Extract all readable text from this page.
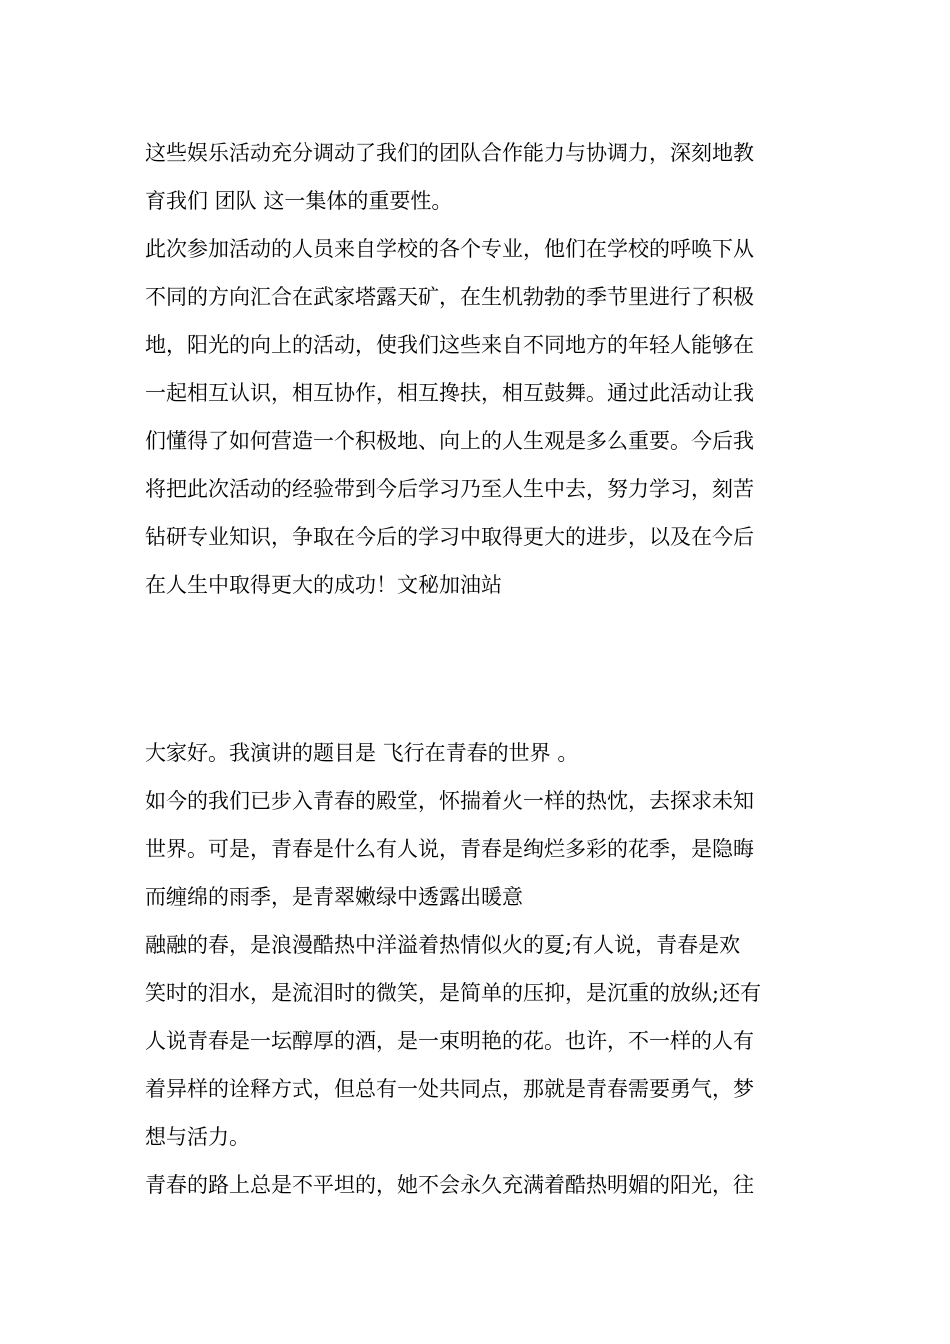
这些娱乐活动充分调动了我们的团队合作能力与协调力，深刻地教
育我们 团队 这一集体的重要性。
此次参加活动的人员来自学校的各个专业，他们在学校的呼唤下从
不同的方向汇合在武家塔露天矿，在生机勃勃的季节里进行了积极
地，阳光的向上的活动，使我们这些来自不同地方的年轻人能够在
一起相互认识，相互协作，相互搀扶，相互鼓舞。通过此活动让我
们懂得了如何营造一个积极地、向上的人生观是多么重要。今后我
将把此次活动的经验带到今后学习乃至人生中去，努力学习，刻苦
钻研专业知识，争取在今后的学习中取得更大的进步，以及在今后
在人生中取得更大的成功！文秘加油站
大家好。我演讲的题目是 飞行在青春的世界 。
如今的我们已步入青春的殿堂，怀揣着火一样的热忱，去探求未知
世界。可是，青春是什么有人说，青春是绚烂多彩的花季，是隐晦
而缠绵的雨季，是青翠嫩绿中透露出暖意
融融的春，是浪漫酷热中洋溢着热情似火的夏;有人说，青春是欢
笑时的泪水，是流泪时的微笑，是简单的压抑，是沉重的放纵;还有
人说青春是一坛醇厚的酒，是一束明艳的花。也许，不一样的人有
着异样的诠释方式，但总有一处共同点，那就是青春需要勇气，梦
想与活力。
青春的路上总是不平坦的，她不会永久充满着酷热明媚的阳光，往
